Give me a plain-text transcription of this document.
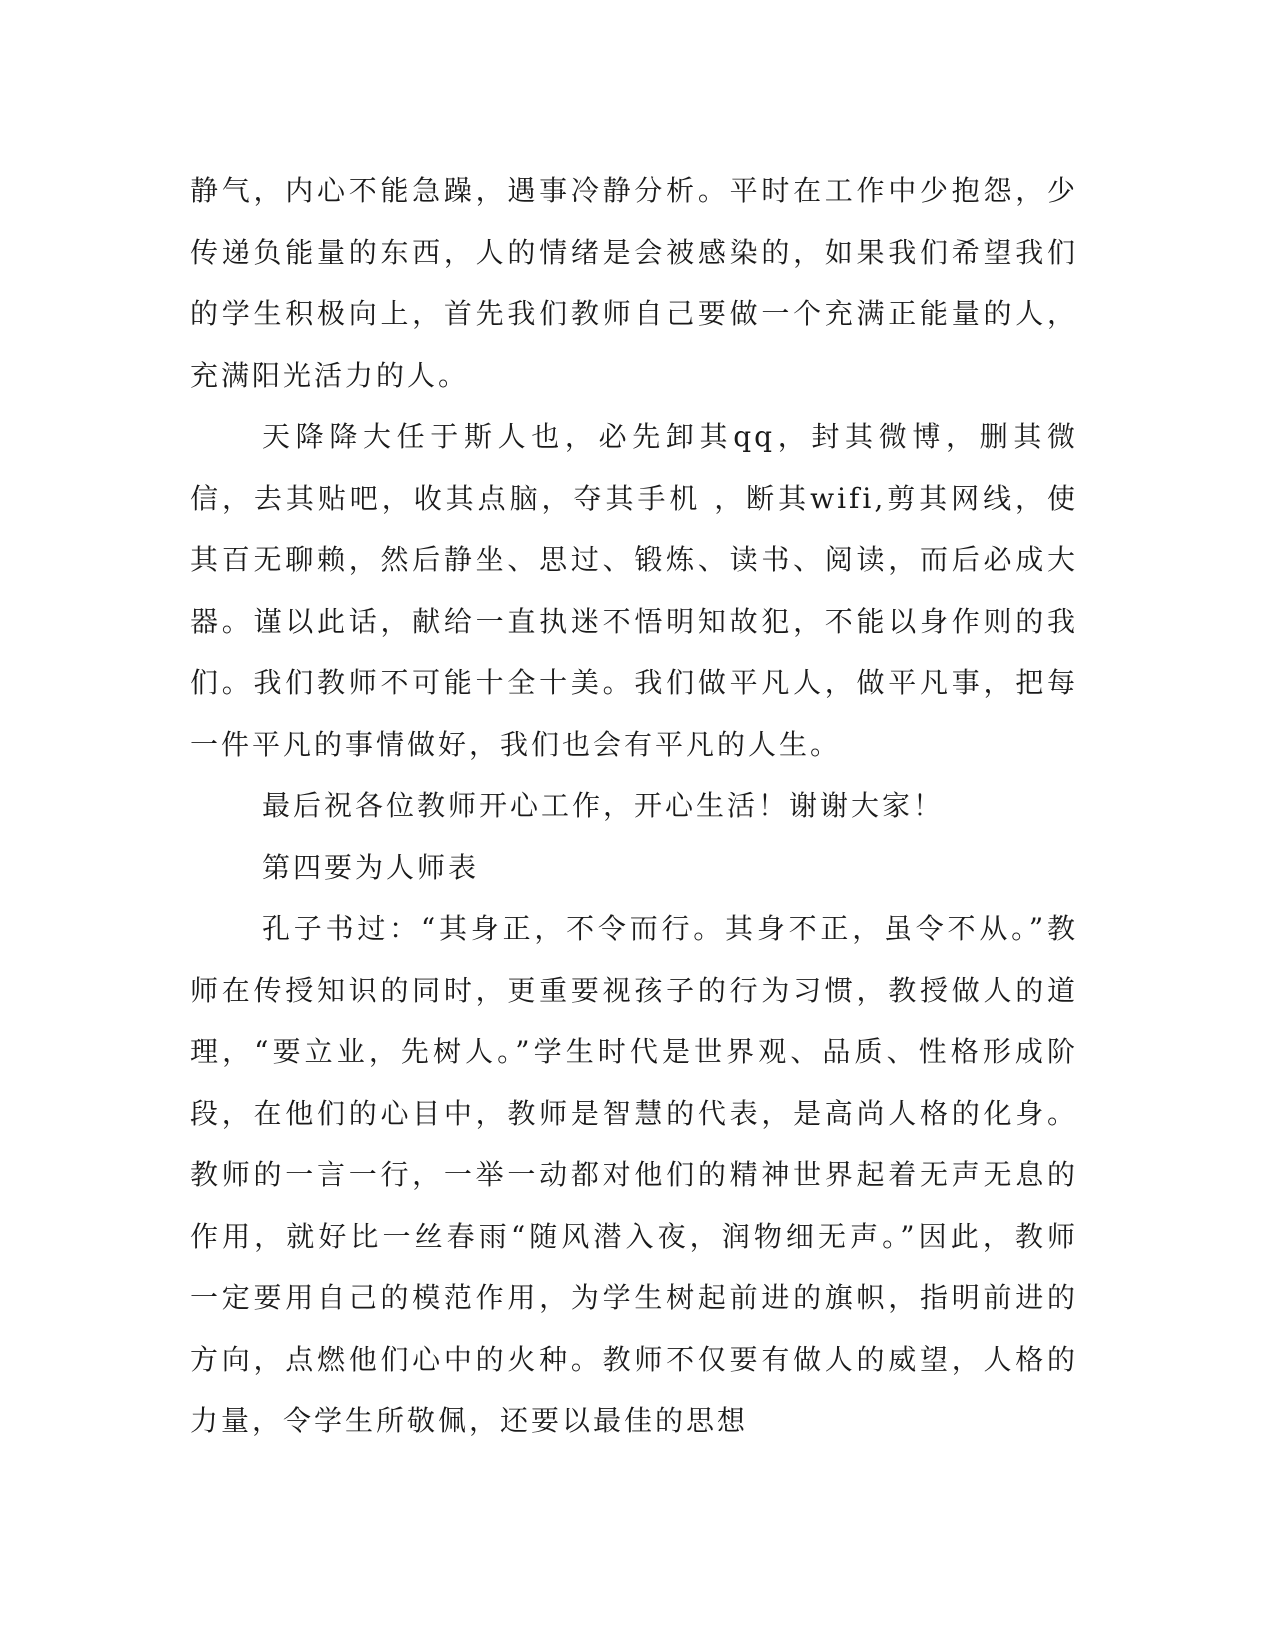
静气，内心不能急躁，遇事冷静分析。平时在工作中少抱怨，少传递负能量的东西，人的情绪是会被感染的，如果我们希望我们的学生积极向上，首先我们教师自己要做一个充满正能量的人，充满阳光活力的人。

天降降大任于斯人也，必先卸其qq，封其微博，删其微信，去其贴吧，收其点脑，夺其手机 ，断其wifi,剪其网线，使其百无聊赖，然后静坐、思过、锻炼、读书、阅读，而后必成大器。谨以此话，献给一直执迷不悟明知故犯，不能以身作则的我们。我们教师不可能十全十美。我们做平凡人，做平凡事，把每一件平凡的事情做好，我们也会有平凡的人生。

最后祝各位教师开心工作，开心生活！谢谢大家！

第四要为人师表

孔子书过：“其身正，不令而行。其身不正，虽令不从。”教师在传授知识的同时，更重要视孩子的行为习惯，教授做人的道理，“要立业，先树人。”学生时代是世界观、品质、性格形成阶段，在他们的心目中，教师是智慧的代表，是高尚人格的化身。教师的一言一行，一举一动都对他们的精神世界起着无声无息的作用，就好比一丝春雨“随风潜入夜，润物细无声。”因此，教师一定要用自己的模范作用，为学生树起前进的旗帜，指明前进的方向，点燃他们心中的火种。教师不仅要有做人的威望，人格的力量，令学生所敬佩，还要以最佳的思想
